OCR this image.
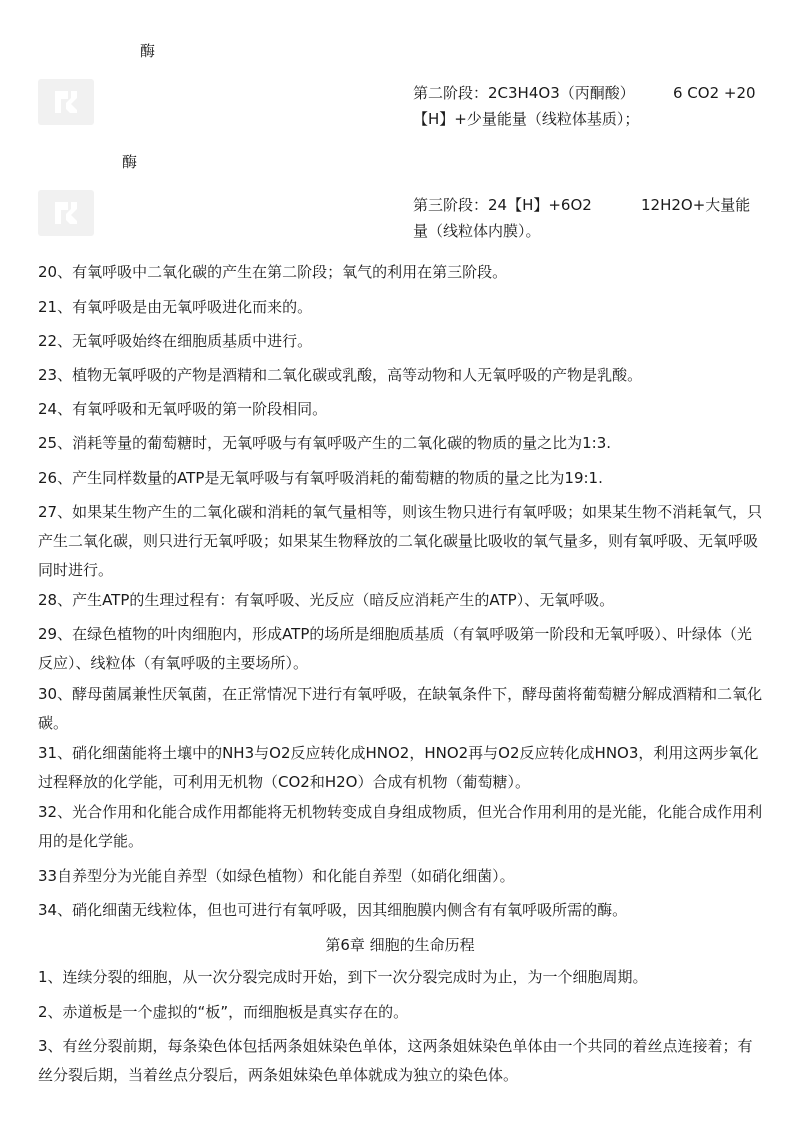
酶
第二阶段：2C3H4O3（丙酮酸）	6 CO2 +20
【H】+少量能量（线粒体基质）；
酶
第三阶段：24【H】+6O2	12H2O+大量能
量（线粒体内膜）。
20、有氧呼吸中二氧化碳的产生在第二阶段；氧气的利用在第三阶段。
21、有氧呼吸是由无氧呼吸进化而来的。
22、无氧呼吸始终在细胞质基质中进行。
23、植物无氧呼吸的产物是酒精和二氧化碳或乳酸，高等动物和人无氧呼吸的产物是乳酸。
24、有氧呼吸和无氧呼吸的第一阶段相同。
25、消耗等量的葡萄糖时，无氧呼吸与有氧呼吸产生的二氧化碳的物质的量之比为1:3.
26、产生同样数量的ATP是无氧呼吸与有氧呼吸消耗的葡萄糖的物质的量之比为19:1.
27、如果某生物产生的二氧化碳和消耗的氧气量相等，则该生物只进行有氧呼吸；如果某生物不消耗氧气，只产生二氧化碳，则只进行无氧呼吸；如果某生物释放的二氧化碳量比吸收的氧气量多，则有氧呼吸、无氧呼吸同时进行。
28、产生ATP的生理过程有：有氧呼吸、光反应（暗反应消耗产生的ATP）、无氧呼吸。
29、在绿色植物的叶肉细胞内，形成ATP的场所是细胞质基质（有氧呼吸第一阶段和无氧呼吸）、叶绿体（光反应）、线粒体（有氧呼吸的主要场所）。
30、酵母菌属兼性厌氧菌，在正常情况下进行有氧呼吸，在缺氧条件下，酵母菌将葡萄糖分解成酒精和二氧化碳。
31、硝化细菌能将土壤中的NH3与O2反应转化成HNO2，HNO2再与O2反应转化成HNO3，利用这两步氧化过程释放的化学能，可利用无机物（CO2和H2O）合成有机物（葡萄糖）。
32、光合作用和化能合成作用都能将无机物转变成自身组成物质，但光合作用利用的是光能，化能合成作用利用的是化学能。
33自养型分为光能自养型（如绿色植物）和化能自养型（如硝化细菌）。
34、硝化细菌无线粒体，但也可进行有氧呼吸，因其细胞膜内侧含有有氧呼吸所需的酶。
第6章 细胞的生命历程
1、连续分裂的细胞，从一次分裂完成时开始，到下一次分裂完成时为止，为一个细胞周期。
2、赤道板是一个虚拟的“板”，而细胞板是真实存在的。
3、有丝分裂前期，每条染色体包括两条姐妹染色单体，这两条姐妹染色单体由一个共同的着丝点连接着；有丝分裂后期，当着丝点分裂后，两条姐妹染色单体就成为独立的染色体。
